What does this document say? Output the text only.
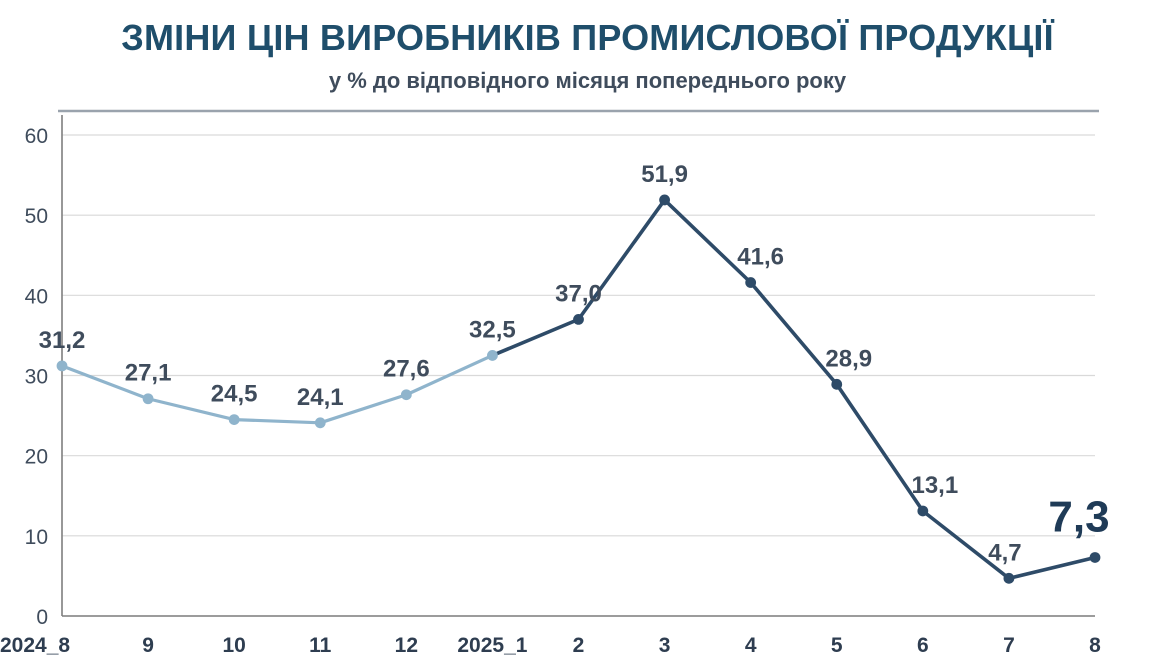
ЗМІНИ ЦІН ВИРОБНИКІВ ПРОМИСЛОВОЇ ПРОДУКЦІЇ
у % до відповідного місяця попереднього року
0
10
20
30
40
50
60
2024_8	9	10	11	12 2025_1 2	3	4	5	6	7	8
31,2
27,1
24,5 24,1
27,6
32,5
37,0
51,9
41,6
28,9
13,1
4,7
7,3
